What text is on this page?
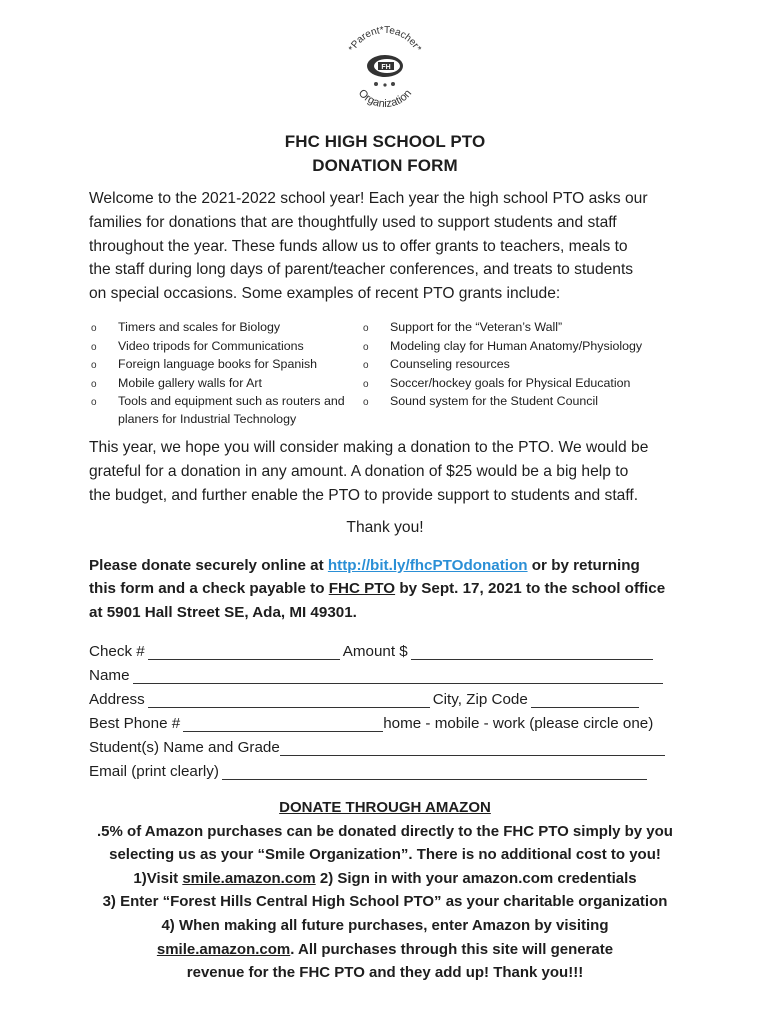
*Parent*Teacher*
Organization
FH
FHC HIGH SCHOOL PTO
DONATION FORM
Welcome to the 2021-2022 school year! Each year the high school PTO asks our
families for donations that are thoughtfully used to support students and staff
throughout the year. These funds allow us to offer grants to teachers, meals to
the staff during long days of parent/teacher conferences, and treats to students
on special occasions. Some examples of recent PTO grants include:
o	Timers and scales for Biology
o	Video tripods for Communications
o	Foreign language books for Spanish
o	Mobile gallery walls for Art
o	Tools and equipment such as routers and planers for Industrial Technology
o	Support for the “Veteran’s Wall”
o	Modeling clay for Human Anatomy/Physiology
o	Counseling resources
o	Soccer/hockey goals for Physical Education
o	Sound system for the Student Council
This year, we hope you will consider making a donation to the PTO. We would be
grateful for a donation in any amount. A donation of $25 would be a big help to
the budget, and further enable the PTO to provide support to students and staff.
Thank you!
Please donate securely online at http://bit.ly/fhcPTOdonation or by returning
this form and a check payable to FHC PTO by Sept. 17, 2021 to the school office
at 5901 Hall Street SE, Ada, MI 49301.
Check #	Amount $
Name
Address	City, Zip Code
Best Phone #	home - mobile - work (please circle one)
Student(s) Name and Grade
Email (print clearly)
DONATE THROUGH AMAZON
.5% of Amazon purchases can be donated directly to the FHC PTO simply by you
selecting us as your “Smile Organization”. There is no additional cost to you!
1)Visit smile.amazon.com 2) Sign in with your amazon.com credentials
3) Enter “Forest Hills Central High School PTO” as your charitable organization
4) When making all future purchases, enter Amazon by visiting
smile.amazon.com. All purchases through this site will generate
revenue for the FHC PTO and they add up! Thank you!!!
